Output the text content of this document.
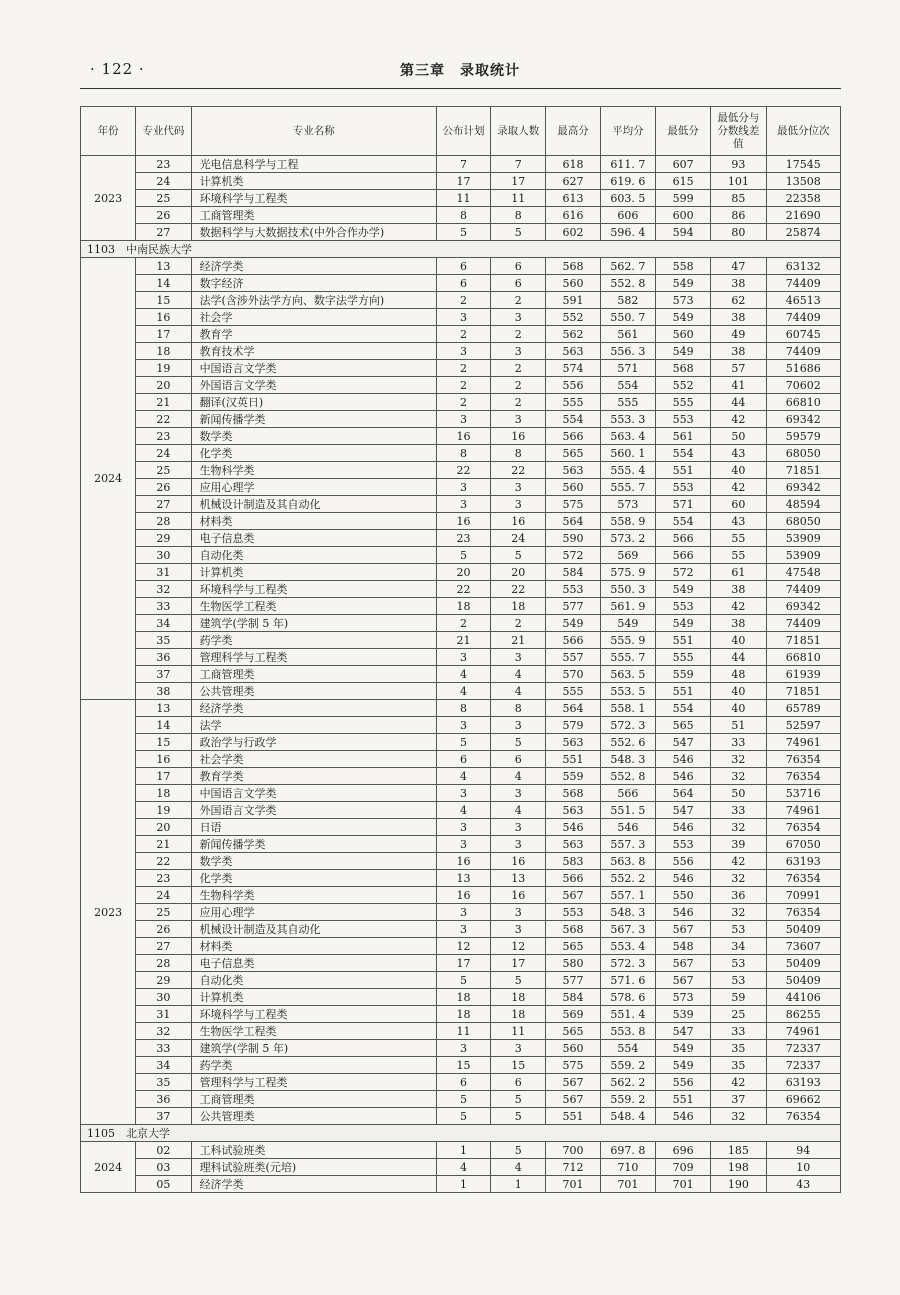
· 122 ·	第三章　录取统计
年份	专业代码	专业名称	公布计划	录取人数	最高分	平均分	最低分	最低分与分数线差值	最低分位次
2023	23	光电信息科学与工程	7	7	618	611. 7	607	93	17545
	24	计算机类	17	17	627	619. 6	615	101	13508
	25	环境科学与工程类	11	11	613	603. 5	599	85	22358
	26	工商管理类	8	8	616	606	600	86	21690
	27	数据科学与大数据技术(中外合作办学)	5	5	602	596. 4	594	80	25874
1103　中南民族大学									
2024	13	经济学类	6	6	568	562. 7	558	47	63132
	14	数字经济	6	6	560	552. 8	549	38	74409
	15	法学(含涉外法学方向、数字法学方向)	2	2	591	582	573	62	46513
	16	社会学	3	3	552	550. 7	549	38	74409
	17	教育学	2	2	562	561	560	49	60745
	18	教育技术学	3	3	563	556. 3	549	38	74409
	19	中国语言文学类	2	2	574	571	568	57	51686
	20	外国语言文学类	2	2	556	554	552	41	70602
	21	翻译(汉英日)	2	2	555	555	555	44	66810
	22	新闻传播学类	3	3	554	553. 3	553	42	69342
	23	数学类	16	16	566	563. 4	561	50	59579
	24	化学类	8	8	565	560. 1	554	43	68050
	25	生物科学类	22	22	563	555. 4	551	40	71851
	26	应用心理学	3	3	560	555. 7	553	42	69342
	27	机械设计制造及其自动化	3	3	575	573	571	60	48594
	28	材料类	16	16	564	558. 9	554	43	68050
	29	电子信息类	23	24	590	573. 2	566	55	53909
	30	自动化类	5	5	572	569	566	55	53909
	31	计算机类	20	20	584	575. 9	572	61	47548
	32	环境科学与工程类	22	22	553	550. 3	549	38	74409
	33	生物医学工程类	18	18	577	561. 9	553	42	69342
	34	建筑学(学制 5 年)	2	2	549	549	549	38	74409
	35	药学类	21	21	566	555. 9	551	40	71851
	36	管理科学与工程类	3	3	557	555. 7	555	44	66810
	37	工商管理类	4	4	570	563. 5	559	48	61939
	38	公共管理类	4	4	555	553. 5	551	40	71851
2023	13	经济学类	8	8	564	558. 1	554	40	65789
	14	法学	3	3	579	572. 3	565	51	52597
	15	政治学与行政学	5	5	563	552. 6	547	33	74961
	16	社会学类	6	6	551	548. 3	546	32	76354
	17	教育学类	4	4	559	552. 8	546	32	76354
	18	中国语言文学类	3	3	568	566	564	50	53716
	19	外国语言文学类	4	4	563	551. 5	547	33	74961
	20	日语	3	3	546	546	546	32	76354
	21	新闻传播学类	3	3	563	557. 3	553	39	67050
	22	数学类	16	16	583	563. 8	556	42	63193
	23	化学类	13	13	566	552. 2	546	32	76354
	24	生物科学类	16	16	567	557. 1	550	36	70991
	25	应用心理学	3	3	553	548. 3	546	32	76354
	26	机械设计制造及其自动化	3	3	568	567. 3	567	53	50409
	27	材料类	12	12	565	553. 4	548	34	73607
	28	电子信息类	17	17	580	572. 3	567	53	50409
	29	自动化类	5	5	577	571. 6	567	53	50409
	30	计算机类	18	18	584	578. 6	573	59	44106
	31	环境科学与工程类	18	18	569	551. 4	539	25	86255
	32	生物医学工程类	11	11	565	553. 8	547	33	74961
	33	建筑学(学制 5 年)	3	3	560	554	549	35	72337
	34	药学类	15	15	575	559. 2	549	35	72337
	35	管理科学与工程类	6	6	567	562. 2	556	42	63193
	36	工商管理类	5	5	567	559. 2	551	37	69662
	37	公共管理类	5	5	551	548. 4	546	32	76354
1105　北京大学									
2024	02	工科试验班类	1	5	700	697. 8	696	185	94
	03	理科试验班类(元培)	4	4	712	710	709	198	10
	05	经济学类	1	1	701	701	701	190	43
